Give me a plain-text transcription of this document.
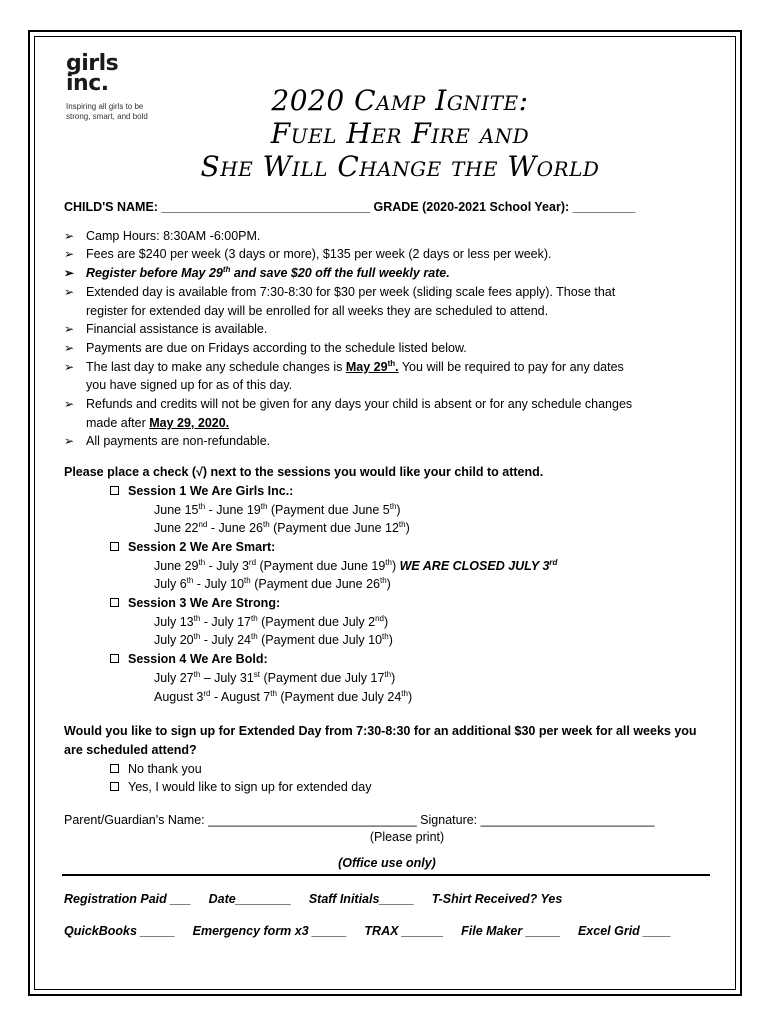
girls
inc.
Inspiring all girls to be
strong, smart, and bold	2020 Camp Ignite:
Fuel Her Fire and
She Will Change the World
CHILD'S NAME: ______________________________ GRADE (2020-2021 School Year): _________
➢ Camp Hours: 8:30AM -6:00PM.
➢ Fees are $240 per week (3 days or more), $135 per week (2 days or less per week).
➢ Register before May 29th and save $20 off the full weekly rate.
➢ Extended day is available from 7:30-8:30 for $30 per week (sliding scale fees apply). Those that
register for extended day will be enrolled for all weeks they are scheduled to attend.
➢ Financial assistance is available.
➢ Payments are due on Fridays according to the schedule listed below.
➢ The last day to make any schedule changes is May 29th. You will be required to pay for any dates
you have signed up for as of this day.
➢ Refunds and credits will not be given for any days your child is absent or for any schedule changes
made after May 29, 2020.
➢ All payments are non-refundable.
Please place a check (√) next to the sessions you would like your child to attend.
Session 1 We Are Girls Inc.:
June 15th - June 19th (Payment due June 5th)
June 22nd - June 26th (Payment due June 12th)
Session 2 We Are Smart:
June 29th - July 3rd (Payment due June 19th) WE ARE CLOSED JULY 3rd
July 6th - July 10th (Payment due June 26th)
Session 3 We Are Strong:
July 13th - July 17th (Payment due July 2nd)
July 20th - July 24th (Payment due July 10th)
Session 4 We Are Bold:
July 27th – July 31st (Payment due July 17th)
August 3rd - August 7th (Payment due July 24th)
Would you like to sign up for Extended Day from 7:30-8:30 for an additional $30 per week for all weeks you are scheduled attend?
No thank you
Yes, I would like to sign up for extended day
Parent/Guardian's Name: ______________________________ Signature: _________________________
(Please print)
(Office use only)
Registration Paid ___ Date________ Staff Initials_____ T-Shirt Received? Yes
QuickBooks _____ Emergency form x3 _____ TRAX ______ File Maker _____ Excel Grid ____
